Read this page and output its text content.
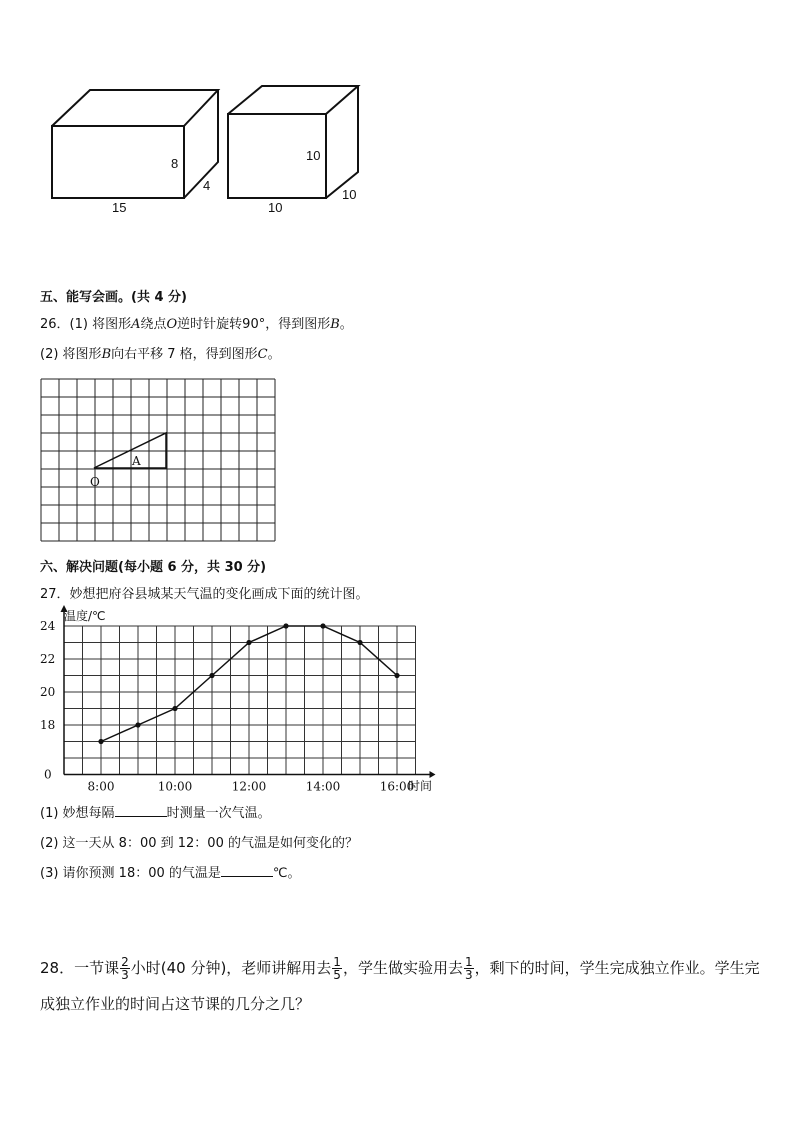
8
4
15
10
10
10
五、能写会画。(共 4 分)
26．(1) 将图形A绕点O逆时针旋转90°，得到图形B。
(2) 将图形B向右平移 7 格，得到图形C。
A
O
六、解决问题(每小题 6 分，共 30 分)
27．妙想把府谷县城某天气温的变化画成下面的统计图。
24
22
20
18
0
8:00	10:00	12:00	14:00	16:00
温度/℃
时间
(1) 妙想每隔	时测量一次气温。
(2) 这一天从 8：00 到 12：00 的气温是如何变化的？
(3) 请你预测 18：00 的气温是	℃。
28．一节课 $\frac{2}{3}$ 小时(40 分钟)，老师讲解用去 $\frac{1}{5}$ ，学生做实验用去 $\frac{1}{3}$ ，剩下的时间，学生完成独立作业。学生完成独立作业的时间占这节课的几分之几？
